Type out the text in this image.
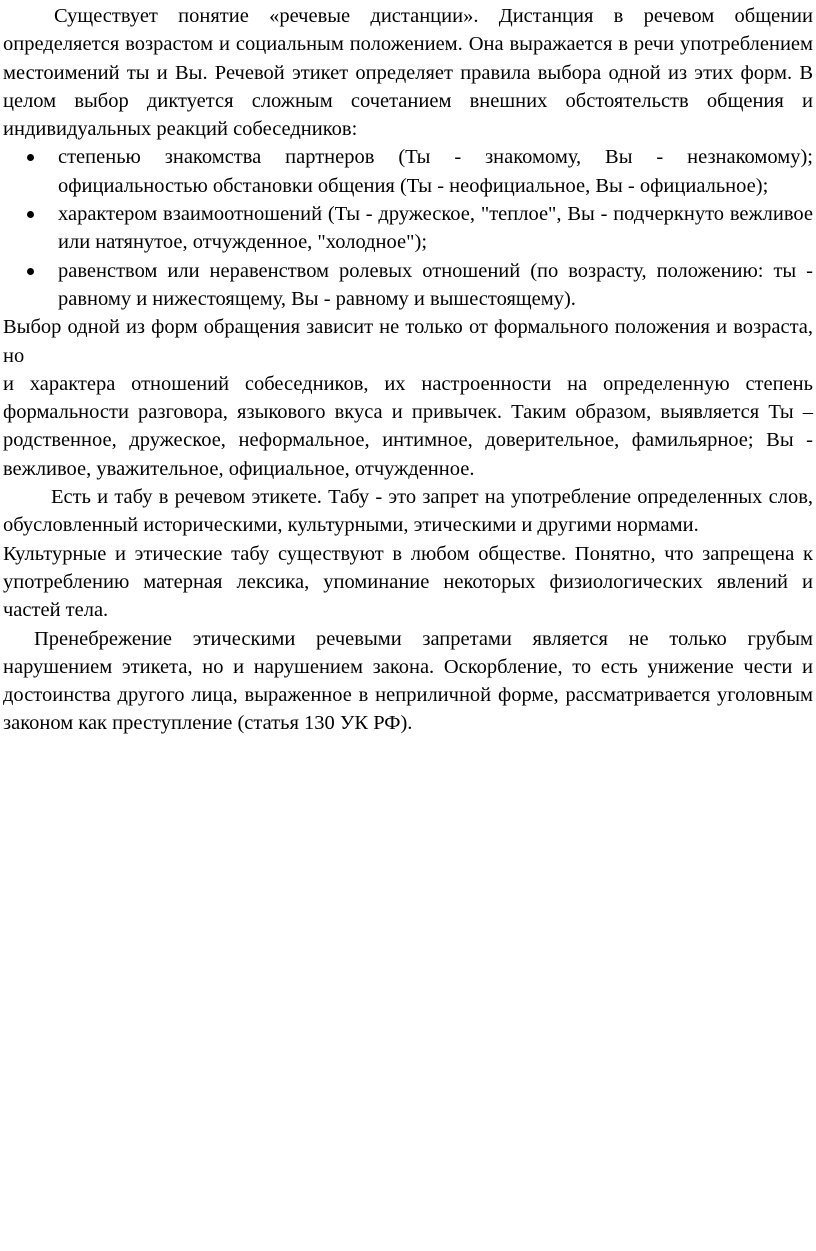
Существует понятие «речевые дистанции». Дистанция в речевом общении определяется возрастом и социальным положением. Она выражается в речи употреблением местоимений ты и Вы. Речевой этикет определяет правила выбора одной из этих форм. В целом выбор диктуется сложным сочетанием внешних обстоятельств общения и индивидуальных реакций собеседников:

степенью знакомства партнеров (Ты - знакомому, Вы - незнакомому); официальностью обстановки общения (Ты - неофициальное, Вы - официальное);
характером взаимоотношений (Ты - дружеское, "теплое", Вы - подчеркнуто вежливое или натянутое, отчужденное, "холодное");
равенством или неравенством ролевых отношений (по возрасту, положению: ты - равному и нижестоящему, Вы - равному и вышестоящему).

Выбор одной из форм обращения зависит не только от формального положения и возраста, но

и характера отношений собеседников, их настроенности на определенную степень формальности разговора, языкового вкуса и привычек. Таким образом, выявляется Ты – родственное, дружеское, неформальное, интимное, доверительное, фамильярное; Вы - вежливое, уважительное, официальное, отчужденное.

Есть и табу в речевом этикете. Табу - это запрет на употребление определенных слов, обусловленный историческими, культурными, этическими и другими нормами.

Культурные и этические табу существуют в любом обществе. Понятно, что запрещена к употреблению матерная лексика, упоминание некоторых физиологических явлений и частей тела.

Пренебрежение этическими речевыми запретами является не только грубым нарушением этикета, но и нарушением закона. Оскорбление, то есть унижение чести и достоинства другого лица, выраженное в неприличной форме, рассматривается уголовным законом как преступление (статья 130 УК РФ).
